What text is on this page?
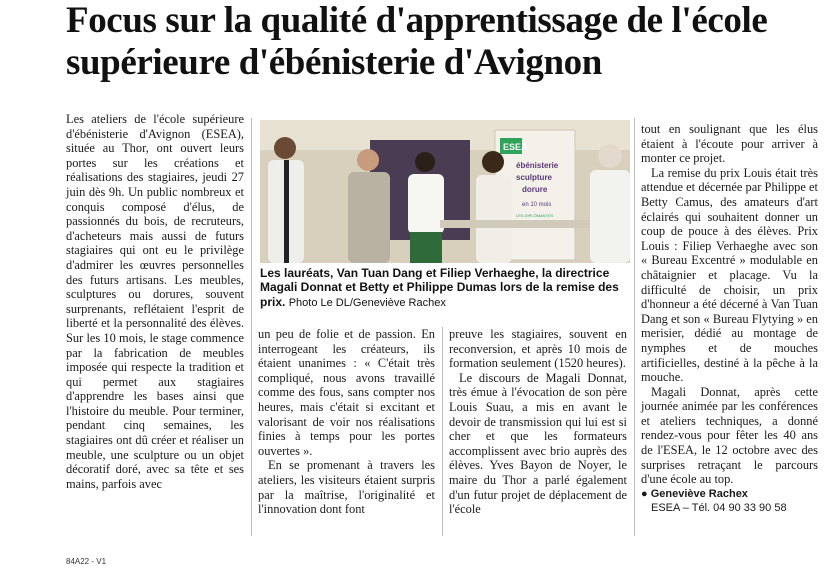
Focus sur la qualité d'apprentissage de l'école supérieure d'ébénisterie d'Avignon

Les ateliers de l'école supérieure d'ébénisterie d'Avignon (ESEA), située au Thor, ont ouvert leurs portes sur les créations et réalisations des stagiaires, jeudi 27 juin dès 9h. Un public nombreux et conquis composé d'élus, de passionnés du bois, de recruteurs, d'acheteurs mais aussi de futurs stagiaires qui ont eu le privilège d'admirer les œuvres personnelles des futurs artisans. Les meubles, sculptures ou dorures, souvent surprenants, reflétaient l'esprit de liberté et la personnalité des élèves. Sur les 10 mois, le stage commence par la fabrication de meubles imposée qui respecte la tradition et qui permet aux stagiaires d'apprendre les bases ainsi que l'histoire du meuble. Pour terminer, pendant cinq semaines, les stagiaires ont dû créer et réaliser un meuble, une sculpture ou un objet décoratif doré, avec sa tête et ses mains, parfois avec

ESEA
ébénisterie
sculpture
dorure
en 10 mois
LES DIPLÔMANTES
Les lauréats, Van Tuan Dang et Filiep Verhaeghe, la directrice Magali Donnat et Betty et Philippe Dumas lors de la remise des prix. Photo Le DL/Geneviève Rachex

un peu de folie et de passion. En interrogeant les créateurs, ils étaient unanimes : « C'était très compliqué, nous avons travaillé comme des fous, sans compter nos heures, mais c'était si excitant et valorisant de voir nos réalisations finies à temps pour les portes ouvertes ».

En se promenant à travers les ateliers, les visiteurs étaient surpris par la maîtrise, l'originalité et l'innovation dont font

preuve les stagiaires, souvent en reconversion, et après 10 mois de formation seulement (1520 heures).

Le discours de Magali Donnat, très émue à l'évocation de son père Louis Suau, a mis en avant le devoir de transmission qui lui est si cher et que les formateurs accomplissent avec brio auprès des élèves. Yves Bayon de Noyer, le maire du Thor a parlé également d'un futur projet de déplacement de l'école

tout en soulignant que les élus étaient à l'écoute pour arriver à monter ce projet.

La remise du prix Louis était très attendue et décernée par Philippe et Betty Camus, des amateurs d'art éclairés qui souhaitent donner un coup de pouce à des élèves. Prix Louis : Filiep Verhaeghe avec son « Bureau Excentré » modulable en châtaignier et placage. Vu la difficulté de choisir, un prix d'honneur a été décerné à Van Tuan Dang et son « Bureau Flytying » en merisier, dédié au montage de nymphes et de mouches artificielles, destiné à la pêche à la mouche.

Magali Donnat, après cette journée animée par les conférences et ateliers techniques, a donné rendez-vous pour fêter les 40 ans de l'ESEA, le 12 octobre avec des surprises retraçant le parcours d'une école au top.

● Geneviève Rachex

ESEA – Tél. 04 90 33 90 58

84A22 - V1
